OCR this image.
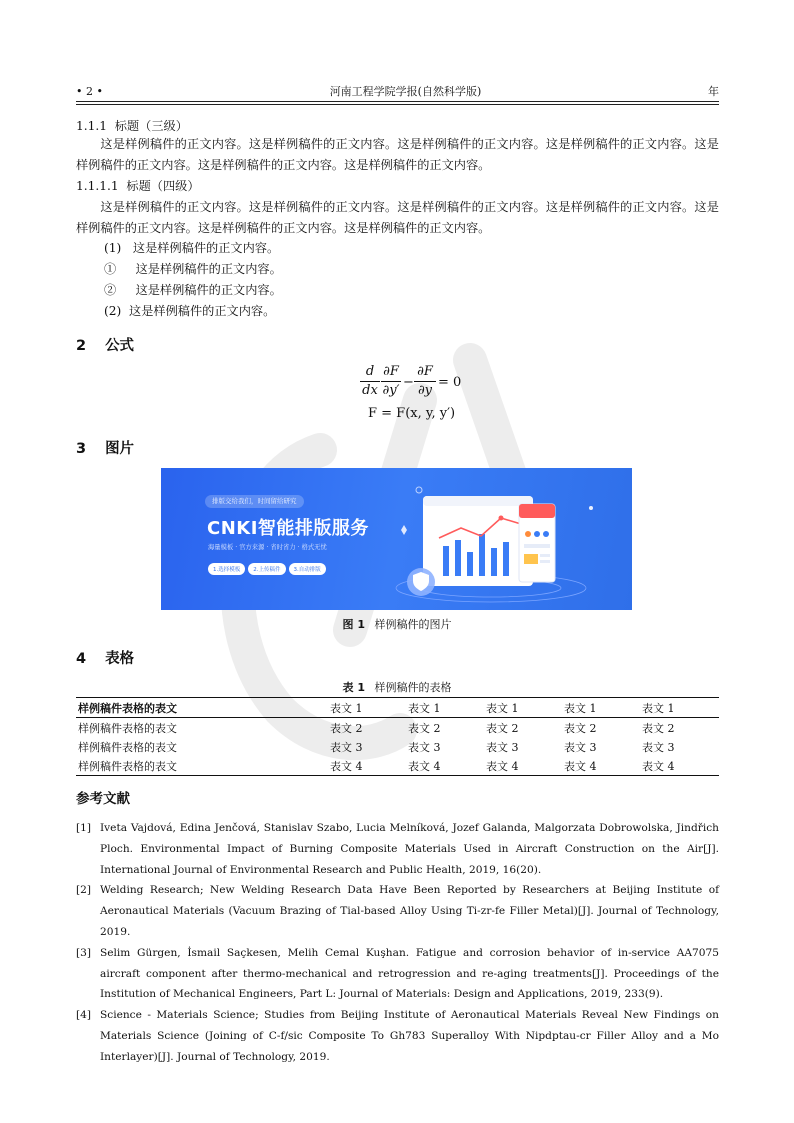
• 2 •	河南工程学院学报(自然科学版)	年
1.1.1 标题（三级）
这是样例稿件的正文内容。这是样例稿件的正文内容。这是样例稿件的正文内容。这是样例稿件的正文内容。这是样例稿件的正文内容。这是样例稿件的正文内容。这是样例稿件的正文内容。
1.1.1.1 标题（四级）
这是样例稿件的正文内容。这是样例稿件的正文内容。这是样例稿件的正文内容。这是样例稿件的正文内容。这是样例稿件的正文内容。这是样例稿件的正文内容。这是样例稿件的正文内容。
(1) 这是样例稿件的正文内容。
① 这是样例稿件的正文内容。
② 这是样例稿件的正文内容。
(2) 这是样例稿件的正文内容。
2 公式
d
dx
∂F
∂y′
−
∂F
∂y
= 0
F = F(x, y, y′)
3 图片
排版交给我们，时间留给研究
CNKI智能排版服务
海量模板 · 官方来源 · 省时省力 · 格式无忧
1.选择模板	2.上传稿件	3.自动排版
图 1 样例稿件的图片
4 表格
表 1 样例稿件的表格
样例稿件表格的表文	表文 1	表文 1	表文 1	表文 1	表文 1
样例稿件表格的表文	表文 2	表文 2	表文 2	表文 2	表文 2
样例稿件表格的表文	表文 3	表文 3	表文 3	表文 3	表文 3
样例稿件表格的表文	表文 4	表文 4	表文 4	表文 4	表文 4
参考文献
[1] Iveta Vajdová, Edina Jenčová, Stanislav Szabo, Lucia Melníková, Jozef Galanda, Malgorzata Dobrowolska, Jindřich Ploch. Environmental Impact of Burning Composite Materials Used in Aircraft Construction on the Air[J]. International Journal of Environmental Research and Public Health, 2019, 16(20).
[2] Welding Research; New Welding Research Data Have Been Reported by Researchers at Beijing Institute of Aeronautical Materials (Vacuum Brazing of Tial-based Alloy Using Ti-zr-fe Filler Metal)[J]. Journal of Technology, 2019.
[3] Selim Gürgen, İsmail Saçkesen, Melih Cemal Kuşhan. Fatigue and corrosion behavior of in-service AA7075 aircraft component after thermo-mechanical and retrogression and re-aging treatments[J]. Proceedings of the Institution of Mechanical Engineers, Part L: Journal of Materials: Design and Applications, 2019, 233(9).
[4] Science - Materials Science; Studies from Beijing Institute of Aeronautical Materials Reveal New Findings on Materials Science (Joining of C-f/sic Composite To Gh783 Superalloy With Nipdptau-cr Filler Alloy and a Mo Interlayer)[J]. Journal of Technology, 2019.
